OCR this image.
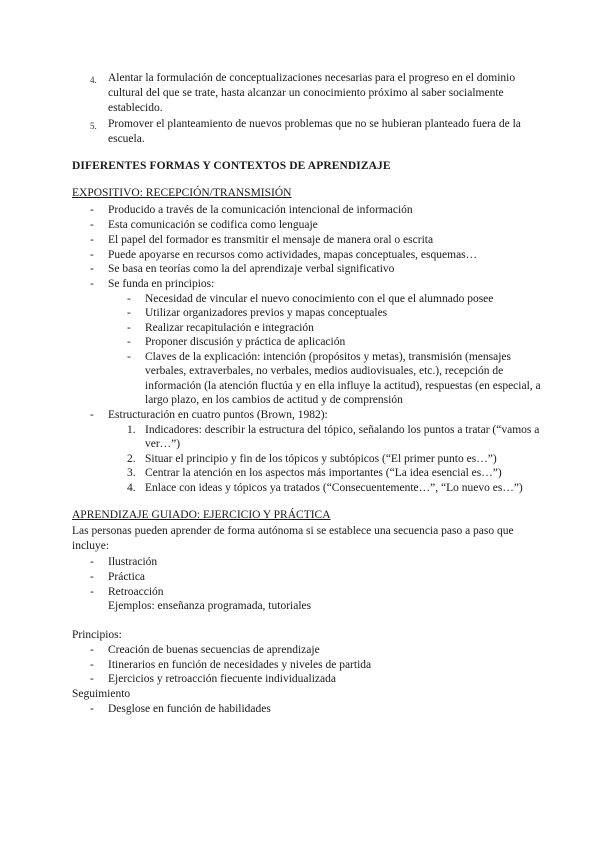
4. Alentar la formulación de conceptualizaciones necesarias para el progreso en el dominio
cultural del que se trate, hasta alcanzar un conocimiento próximo al saber socialmente
establecido.
5. Promover el planteamiento de nuevos problemas que no se hubieran planteado fuera de la
escuela.
DIFERENTES FORMAS Y CONTEXTOS DE APRENDIZAJE
EXPOSITIVO: RECEPCIÓN/TRANSMISIÓN
- Producido a través de la comunicación intencional de información
- Esta comunicación se codifica como lenguaje
- El papel del formador es transmitir el mensaje de manera oral o escrita
- Puede apoyarse en recursos como actividades, mapas conceptuales, esquemas…
- Se basa en teorías como la del aprendizaje verbal significativo
- Se funda en principios:
- Necesidad de vincular el nuevo conocimiento con el que el alumnado posee
- Utilizar organizadores previos y mapas conceptuales
- Realizar recapitulación e integración
- Proponer discusión y práctica de aplicación
- Claves de la explicación: intención (propósitos y metas), transmisión (mensajes
verbales, extraverbales, no verbales, medios audiovisuales, etc.), recepción de
información (la atención fluctúa y en ella influye la actitud), respuestas (en especial, a
largo plazo, en los cambios de actitud y de comprensión
- Estructuración en cuatro puntos (Brown, 1982):
1. Indicadores: describir la estructura del tópico, señalando los puntos a tratar (“vamos a
ver…”)
2. Situar el principio y fin de los tópicos y subtópicos (“El primer punto es…”)
3. Centrar la atención en los aspectos más importantes (“La idea esencial es…”)
4. Enlace con ideas y tópicos ya tratados (“Consecuentemente…”, “Lo nuevo es…”)
APRENDIZAJE GUIADO: EJERCICIO Y PRÁCTICA
Las personas pueden aprender de forma autónoma si se establece una secuencia paso a paso que
incluye:
- Ilustración
- Práctica
- Retroacción
Ejemplos: enseñanza programada, tutoriales
Principios:
- Creación de buenas secuencias de aprendizaje
- Itinerarios en función de necesidades y niveles de partida
- Ejercicios y retroacción fiecuente individualizada
Seguimiento
- Desglose en función de habilidades
